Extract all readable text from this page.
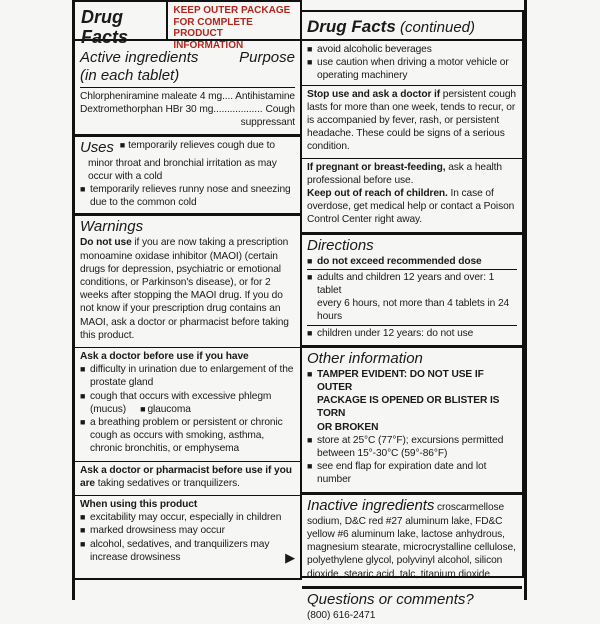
Drug Facts
KEEP OUTER PACKAGE
FOR COMPLETE PRODUCT
INFORMATION
Active ingredients	Purpose
(in each tablet)
Chlorpheniramine maleate 4 mg.... Antihistamine
Dextromethorphan HBr 30 mg.................. Cough
suppressant
Uses ■ temporarily relieves cough due to
minor throat and bronchial irritation as may
occur with a cold
■ temporarily relieves runny nose and sneezing
due to the common cold
Warnings
Do not use if you are now taking a prescription
monoamine oxidase inhibitor (MAOI) (certain
drugs for depression, psychiatric or emotional
conditions, or Parkinson's disease), or for 2
weeks after stopping the MAOI drug. If you do
not know if your prescription drug contains an
MAOI, ask a doctor or pharmacist before taking
this product.
Ask a doctor before use if you have
■ difficulty in urination due to enlargement of the
prostate gland
■ cough that occurs with excessive phlegm
(mucus) ■ glaucoma
■ a breathing problem or persistent or chronic
cough as occurs with smoking, asthma,
chronic bronchitis, or emphysema
Ask a doctor or pharmacist before use if you
are taking sedatives or tranquilizers.
When using this product
■ excitability may occur, especially in children
■ marked drowsiness may occur
■ alcohol, sedatives, and tranquilizers may
increase drowsiness	▶
Drug Facts (continued)
■ avoid alcoholic beverages
■ use caution when driving a motor vehicle or
operating machinery
Stop use and ask a doctor if persistent cough
lasts for more than one week, tends to recur, or
is accompanied by fever, rash, or persistent
headache. These could be signs of a serious
condition.
If pregnant or breast-feeding, ask a health
professional before use.
Keep out of reach of children. In case of
overdose, get medical help or contact a Poison
Control Center right away.
Directions
■ do not exceed recommended dose
■ adults and children 12 years and over: 1 tablet
every 6 hours, not more than 4 tablets in 24
hours
■ children under 12 years: do not use
Other information
■ TAMPER EVIDENT: DO NOT USE IF OUTER
PACKAGE IS OPENED OR BLISTER IS TORN
OR BROKEN
■ store at 25°C (77°F); excursions permitted
between 15°-30°C (59°-86°F)
■ see end flap for expiration date and lot number
Inactive ingredients croscarmellose
sodium, D&C red #27 aluminum lake, FD&C
yellow #6 aluminum lake, lactose anhydrous,
magnesium stearate, microcrystalline cellulose,
polyethylene glycol, polyvinyl alcohol, silicon
dioxide, stearic acid, talc, titanium dioxide
Questions or comments?
(800) 616-2471
